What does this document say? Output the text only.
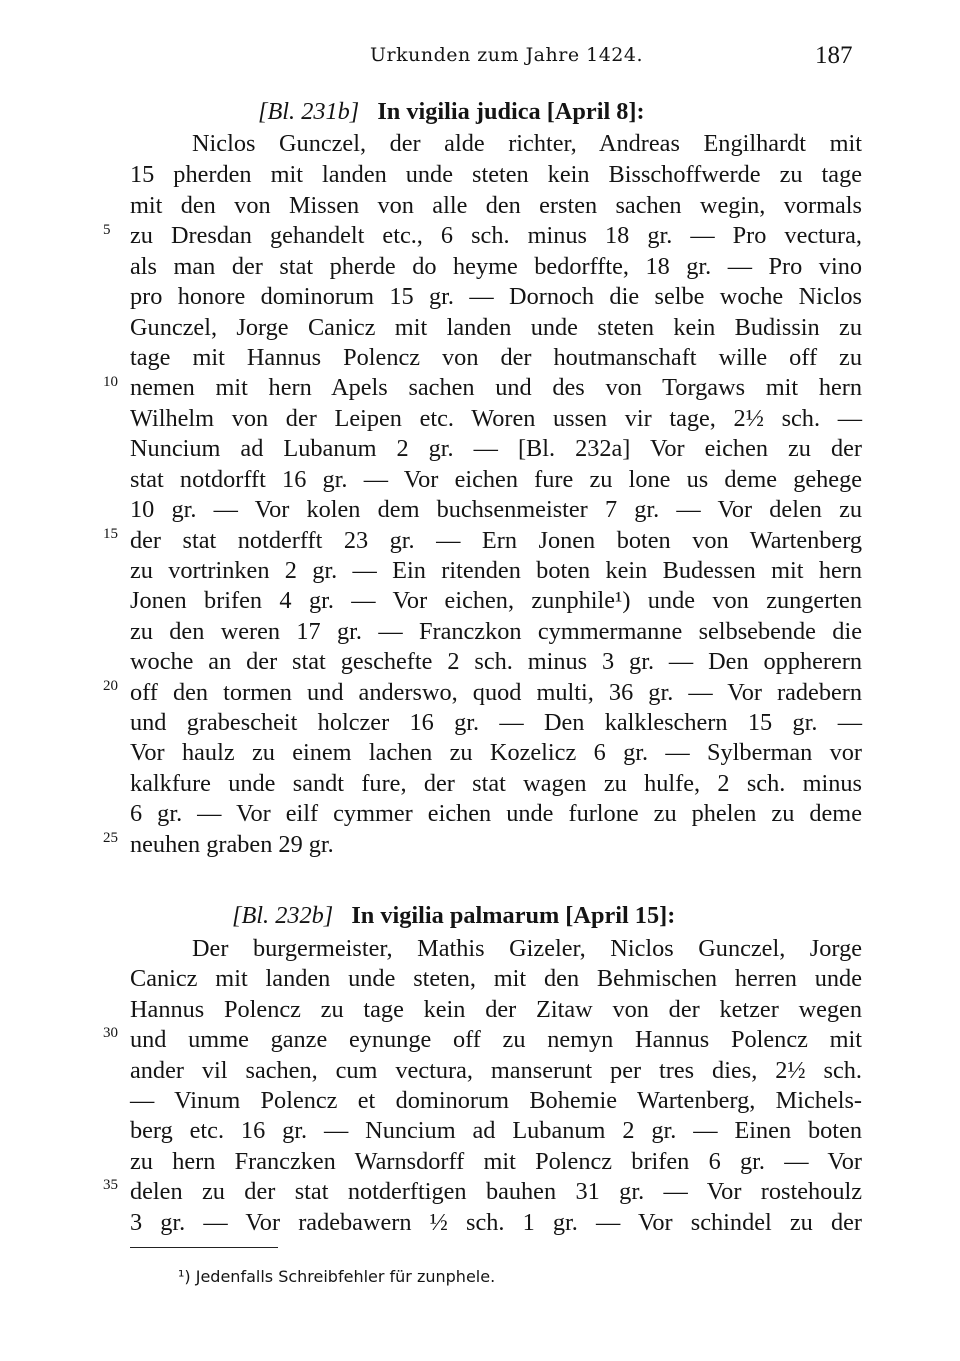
Urkunden zum Jahre 1424.	187
[Bl. 231b] In vigilia judica [April 8]:
Niclos Gunczel, der alde richter, Andreas Engilhardt mit
15 pherden mit landen unde steten kein Bisschoffwerde zu tage
mit den von Missen von alle den ersten sachen wegin, vormals
zu Dresdan gehandelt etc., 6 sch. minus 18 gr. — Pro vectura,
als man der stat pherde do heyme bedorffte, 18 gr. — Pro vino
pro honore dominorum 15 gr. — Dornoch die selbe woche Niclos
Gunczel, Jorge Canicz mit landen unde steten kein Budissin zu
tage mit Hannus Polencz von der houtmanschaft wille off zu
nemen mit hern Apels sachen und des von Torgaws mit hern
Wilhelm von der Leipen etc. Woren ussen vir tage, 2½ sch. —
Nuncium ad Lubanum 2 gr. — [Bl. 232a] Vor eichen zu der
stat notdorfft 16 gr. — Vor eichen fure zu lone us deme gehege
10 gr. — Vor kolen dem buchsenmeister 7 gr. — Vor delen zu
der stat notderfft 23 gr. — Ern Jonen boten von Wartenberg
zu vortrinken 2 gr. — Ein ritenden boten kein Budessen mit hern
Jonen brifen 4 gr. — Vor eichen, zunphile¹) unde von zungerten
zu den weren 17 gr. — Franczkon cymmermanne selbsebende die
woche an der stat geschefte 2 sch. minus 3 gr. — Den oppherern
off den tormen und anderswo, quod multi, 36 gr. — Vor radebern
und grabescheit holczer 16 gr. — Den kalkleschern 15 gr. —
Vor haulz zu einem lachen zu Kozelicz 6 gr. — Sylberman vor
kalkfure unde sandt fure, der stat wagen zu hulfe, 2 sch. minus
6 gr. — Vor eilf cymmer eichen unde furlone zu phelen zu deme
neuhen graben 29 gr.
[Bl. 232b] In vigilia palmarum [April 15]:
Der burgermeister, Mathis Gizeler, Niclos Gunczel, Jorge
Canicz mit landen unde steten, mit den Behmischen herren unde
Hannus Polencz zu tage kein der Zitaw von der ketzer wegen
und umme ganze eynunge off zu nemyn Hannus Polencz mit
ander vil sachen, cum vectura, manserunt per tres dies, 2½ sch.
— Vinum Polencz et dominorum Bohemie Wartenberg, Michels-
berg etc. 16 gr. — Nuncium ad Lubanum 2 gr. — Einen boten
zu hern Franczken Warnsdorff mit Polencz brifen 6 gr. — Vor
delen zu der stat notderftigen bauhen 31 gr. — Vor rostehoulz
3 gr. — Vor radebawern ½ sch. 1 gr. — Vor schindel zu der
5
10
15
20
25
30
35
¹) Jedenfalls Schreibfehler für zunphele.
